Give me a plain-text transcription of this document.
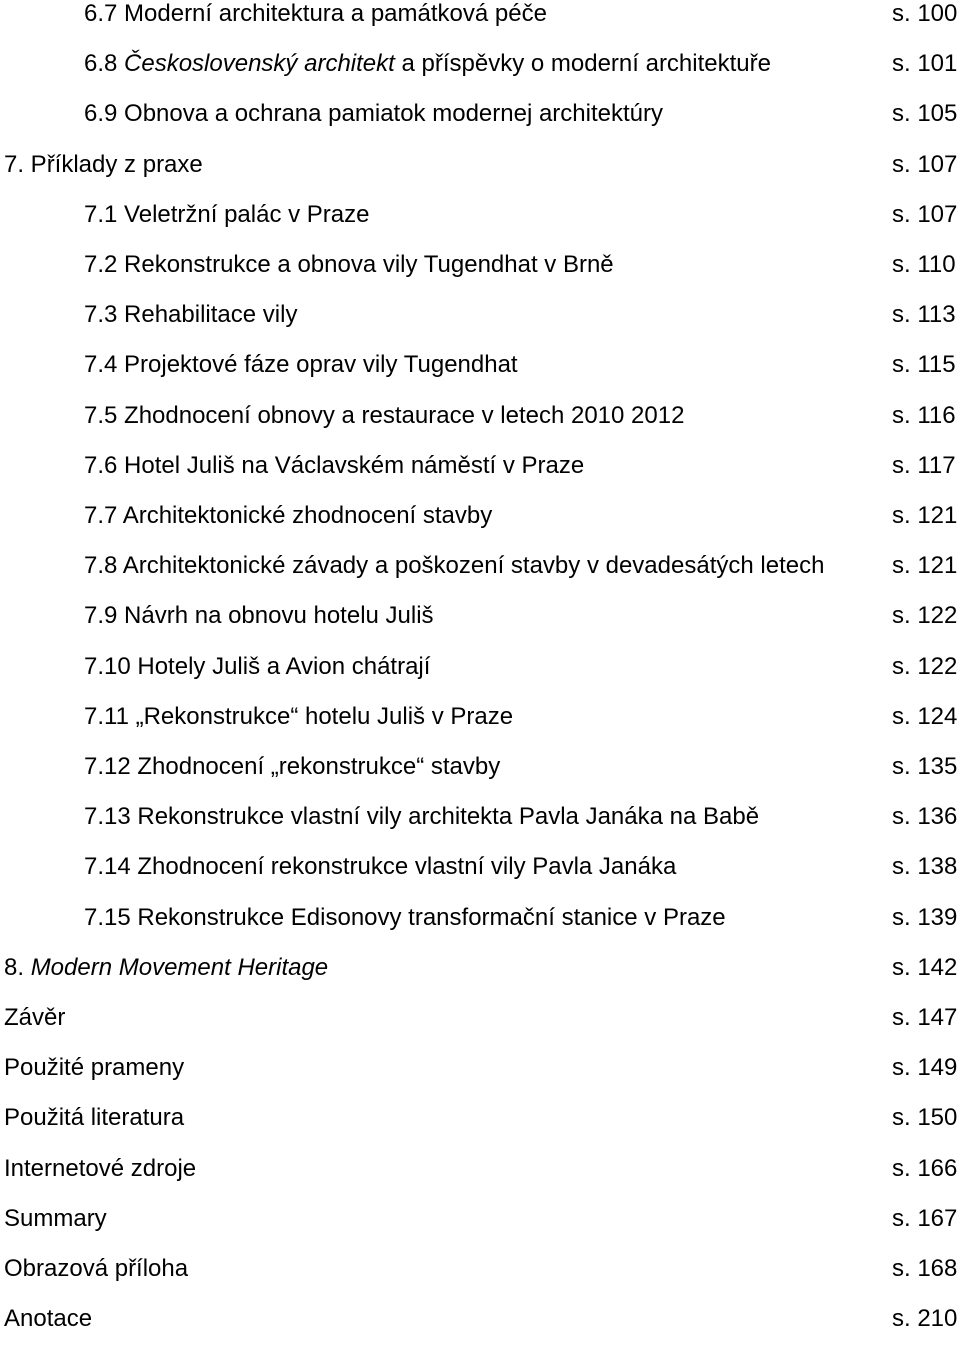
6.7 Moderní architektura a památková péče	s. 100
6.8 Československý architekt a příspěvky o moderní architektuře	s. 101
6.9 Obnova a ochrana pamiatok modernej architektúry	s. 105
7. Příklady z praxe	s. 107
7.1 Veletržní palác v Praze	s. 107
7.2 Rekonstrukce a obnova vily Tugendhat v Brně	s. 110
7.3 Rehabilitace vily	s. 113
7.4 Projektové fáze oprav vily Tugendhat	s. 115
7.5 Zhodnocení obnovy a restaurace v letech 2010 2012	s. 116
7.6 Hotel Juliš na Václavském náměstí v Praze	s. 117
7.7 Architektonické zhodnocení stavby	s. 121
7.8 Architektonické závady a poškození stavby v devadesátých letech	s. 121
7.9 Návrh na obnovu hotelu Juliš	s. 122
7.10 Hotely Juliš a Avion chátrají	s. 122
7.11 „Rekonstrukce“ hotelu Juliš v Praze	s. 124
7.12 Zhodnocení „rekonstrukce“ stavby	s. 135
7.13 Rekonstrukce vlastní vily architekta Pavla Janáka na Babě	s. 136
7.14 Zhodnocení rekonstrukce vlastní vily Pavla Janáka	s. 138
7.15 Rekonstrukce Edisonovy transformační stanice v Praze	s. 139
8. Modern Movement Heritage	s. 142
Závěr	s. 147
Použité prameny	s. 149
Použitá literatura	s. 150
Internetové zdroje	s. 166
Summary	s. 167
Obrazová příloha	s. 168
Anotace	s. 210
